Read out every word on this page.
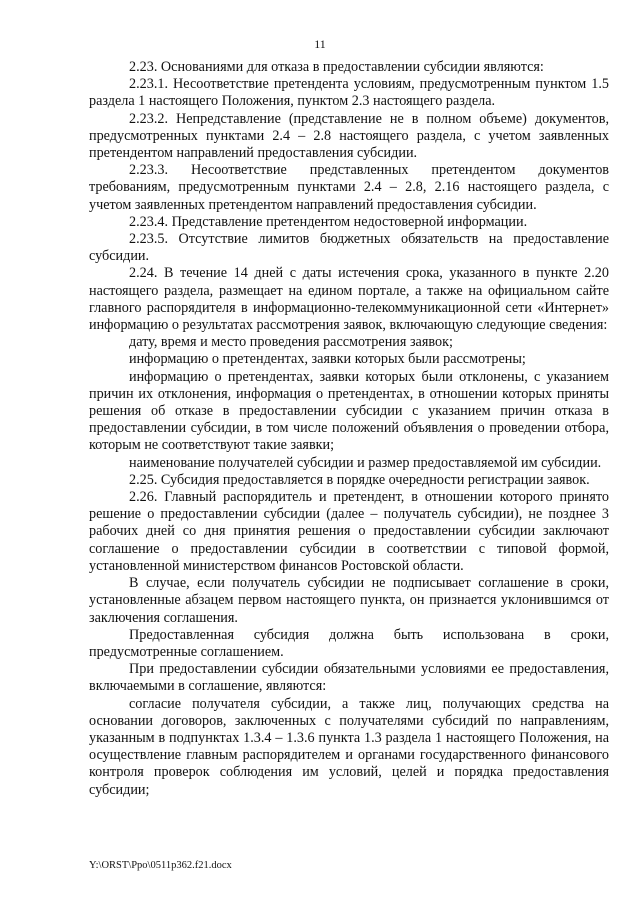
11

2.23. Основаниями для отказа в предоставлении субсидии являются:

2.23.1. Несоответствие претендента условиям, предусмотренным пунктом 1.5 раздела 1 настоящего Положения, пунктом 2.3 настоящего раздела.

2.23.2. Непредставление (представление не в полном объеме) документов, предусмотренных пунктами 2.4 – 2.8 настоящего раздела, с учетом заявленных претендентом направлений предоставления субсидии.

2.23.3. Несоответствие представленных претендентом документов требованиям, предусмотренным пунктами 2.4 – 2.8, 2.16 настоящего раздела, с учетом заявленных претендентом направлений предоставления субсидии.

2.23.4. Представление претендентом недостоверной информации.

2.23.5. Отсутствие лимитов бюджетных обязательств на предоставление субсидии.

2.24. В течение 14 дней с даты истечения срока, указанного в пункте 2.20 настоящего раздела, размещает на едином портале, а также на официальном сайте главного распорядителя в информационно-телекоммуникационной сети «Интернет» информацию о результатах рассмотрения заявок, включающую следующие сведения:

дату, время и место проведения рассмотрения заявок;

информацию о претендентах, заявки которых были рассмотрены;

информацию о претендентах, заявки которых были отклонены, с указанием причин их отклонения, информация о претендентах, в отношении которых приняты решения об отказе в предоставлении субсидии с указанием причин отказа в предоставлении субсидии, в том числе положений объявления о проведении отбора, которым не соответствуют такие заявки;

наименование получателей субсидии и размер предоставляемой им субсидии.

2.25. Субсидия предоставляется в порядке очередности регистрации заявок.

2.26. Главный распорядитель и претендент, в отношении которого принято решение о предоставлении субсидии (далее – получатель субсидии), не позднее 3 рабочих дней со дня принятия решения о предоставлении субсидии заключают соглашение о предоставлении субсидии в соответствии с типовой формой, установленной министерством финансов Ростовской области.

В случае, если получатель субсидии не подписывает соглашение в сроки, установленные абзацем первом настоящего пункта, он признается уклонившимся от заключения соглашения.

Предоставленная субсидия должна быть использована в сроки, предусмотренные соглашением.

При предоставлении субсидии обязательными условиями ее предоставления, включаемыми в соглашение, являются:

согласие получателя субсидии, а также лиц, получающих средства на основании договоров, заключенных с получателями субсидий по направлениям, указанным в подпунктах 1.3.4 – 1.3.6 пункта 1.3 раздела 1 настоящего Положения, на осуществление главным распорядителем и органами государственного финансового контроля проверок соблюдения им условий, целей и порядка предоставления субсидии;

Y:\ORST\Ppo\0511p362.f21.docx
